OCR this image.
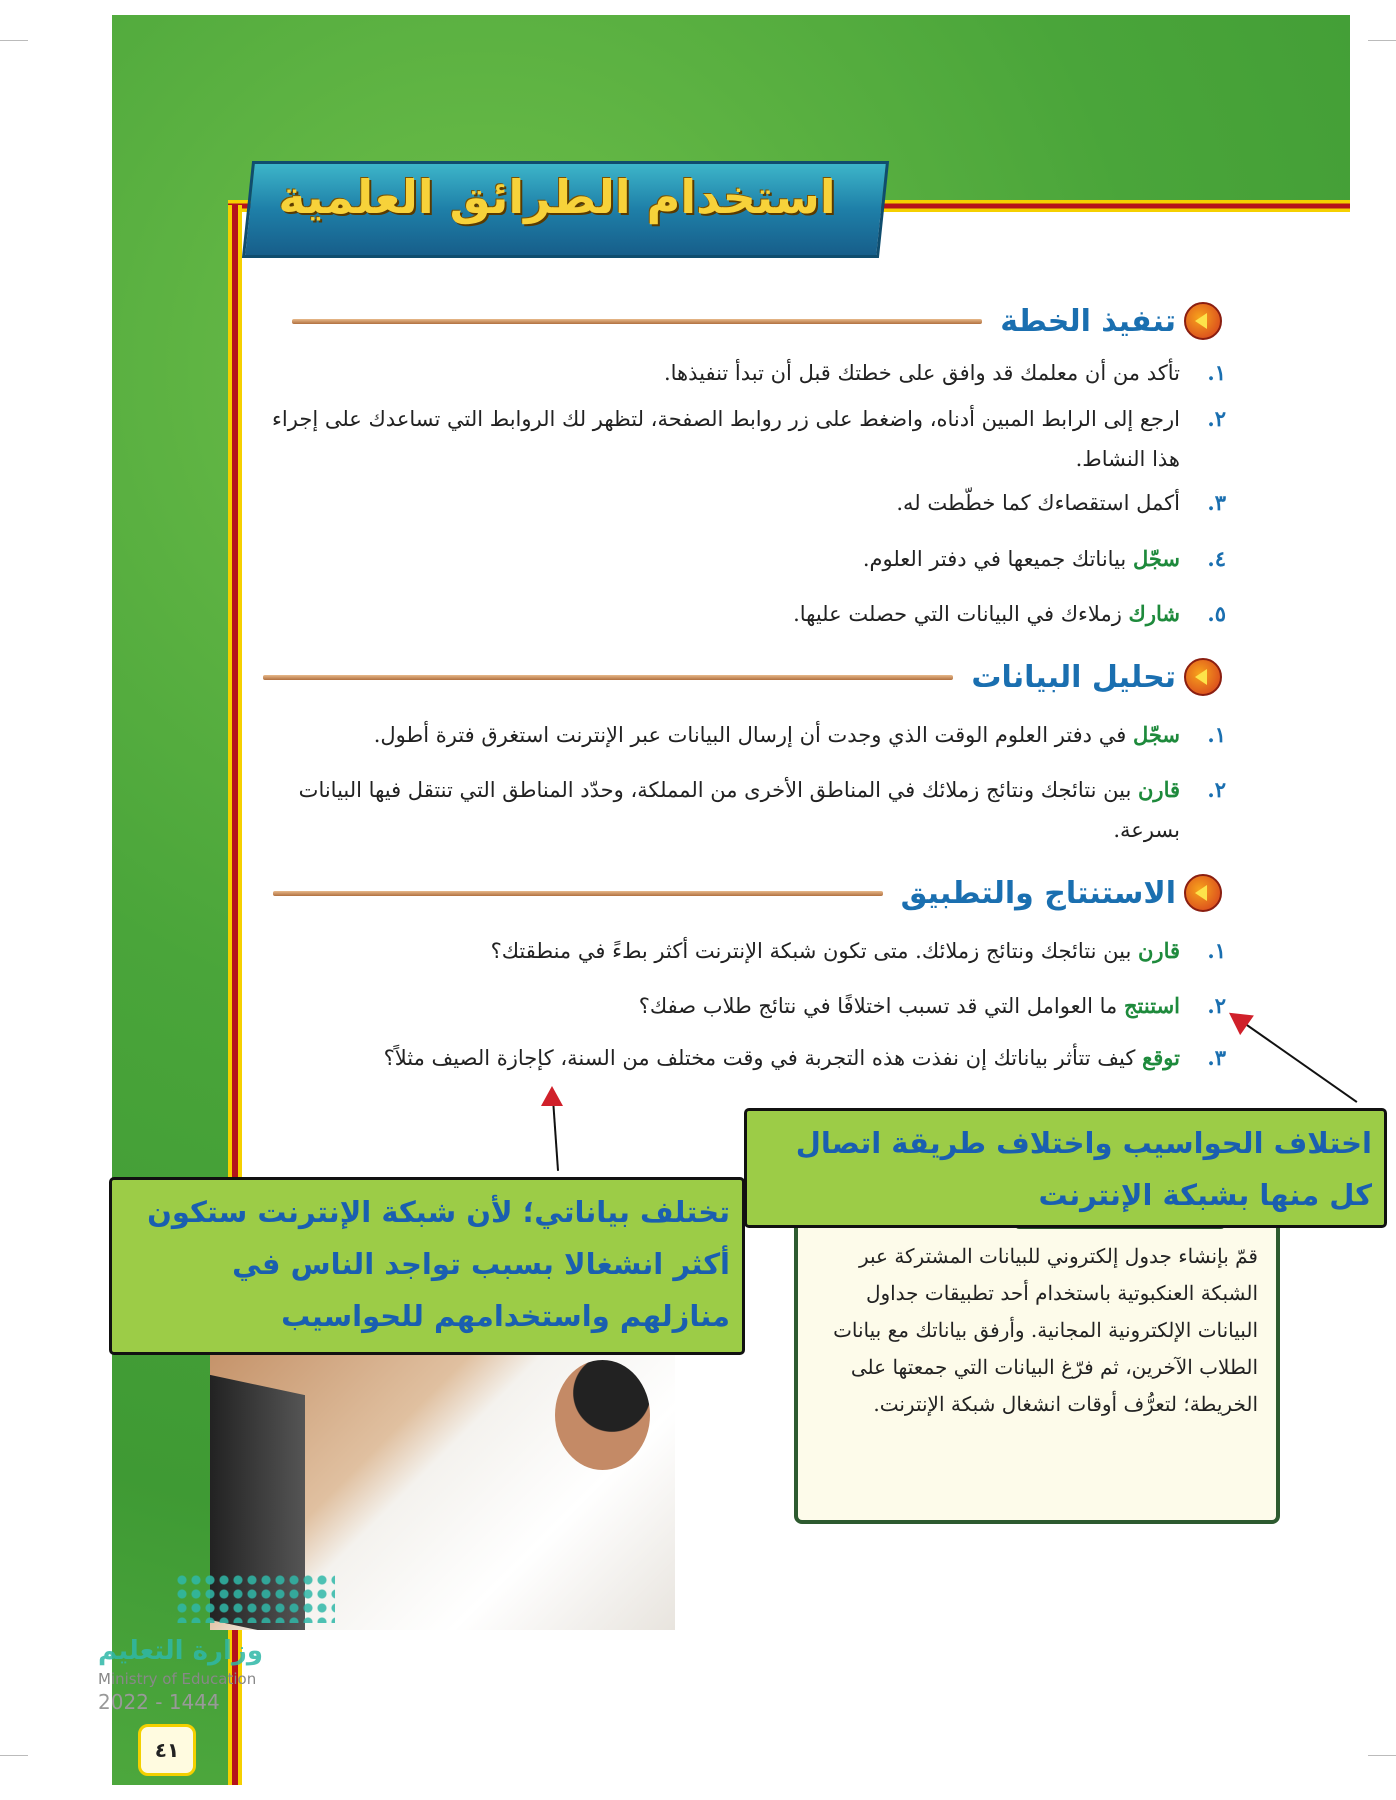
استخدام الطرائق العلمية
تنفيذ الخطة
١.تأكد من أن معلمك قد وافق على خطتك قبل أن تبدأ تنفيذها.
٢.
ارجع إلى الرابط المبين أدناه، واضغط على زر روابط الصفحة، لتظهر لك الروابط التي تساعدك على إجراء هذا النشاط.
٣.أكمل استقصاءك كما خطّطت له.
٤.سجّل بياناتك جميعها في دفتر العلوم.
٥.شارك زملاءك في البيانات التي حصلت عليها.
تحليل البيانات
١.سجّل في دفتر العلوم الوقت الذي وجدت أن إرسال البيانات عبر الإنترنت استغرق فترة أطول.
٢.
قارن بين نتائجك ونتائج زملائك في المناطق الأخرى من المملكة، وحدّد المناطق التي تنتقل فيها البيانات بسرعة.
الاستنتاج والتطبيق
١.قارن بين نتائجك ونتائج زملائك. متى تكون شبكة الإنترنت أكثر بطءً في منطقتك؟
٢.استنتج ما العوامل التي قد تسبب اختلافًا في نتائج طلاب صفك؟
٣.توقع كيف تتأثر بياناتك إن نفذت هذه التجربة في وقت مختلف من السنة، كإجازة الصيف مثلاً؟
قمّ بإنشاء جدول إلكتروني للبيانات المشتركة عبر الشبكة العنكبوتية باستخدام أحد تطبيقات جداول البيانات الإلكترونية المجانية. وأرفق بياناتك مع بيانات الطلاب الآخرين، ثم فرّغ البيانات التي جمعتها على الخريطة؛ لتعرُّف أوقات انشغال شبكة الإنترنت.
اختلاف الحواسيب واختلاف طريقة اتصال كل منها بشبكة الإنترنت
تختلف بياناتي؛ لأن شبكة الإنترنت ستكون أكثر انشغالا بسبب تواجد الناس في منازلهم واستخدامهم للحواسيب
وزارة التعليم
Ministry of Education
2022 - 1444
٤١
